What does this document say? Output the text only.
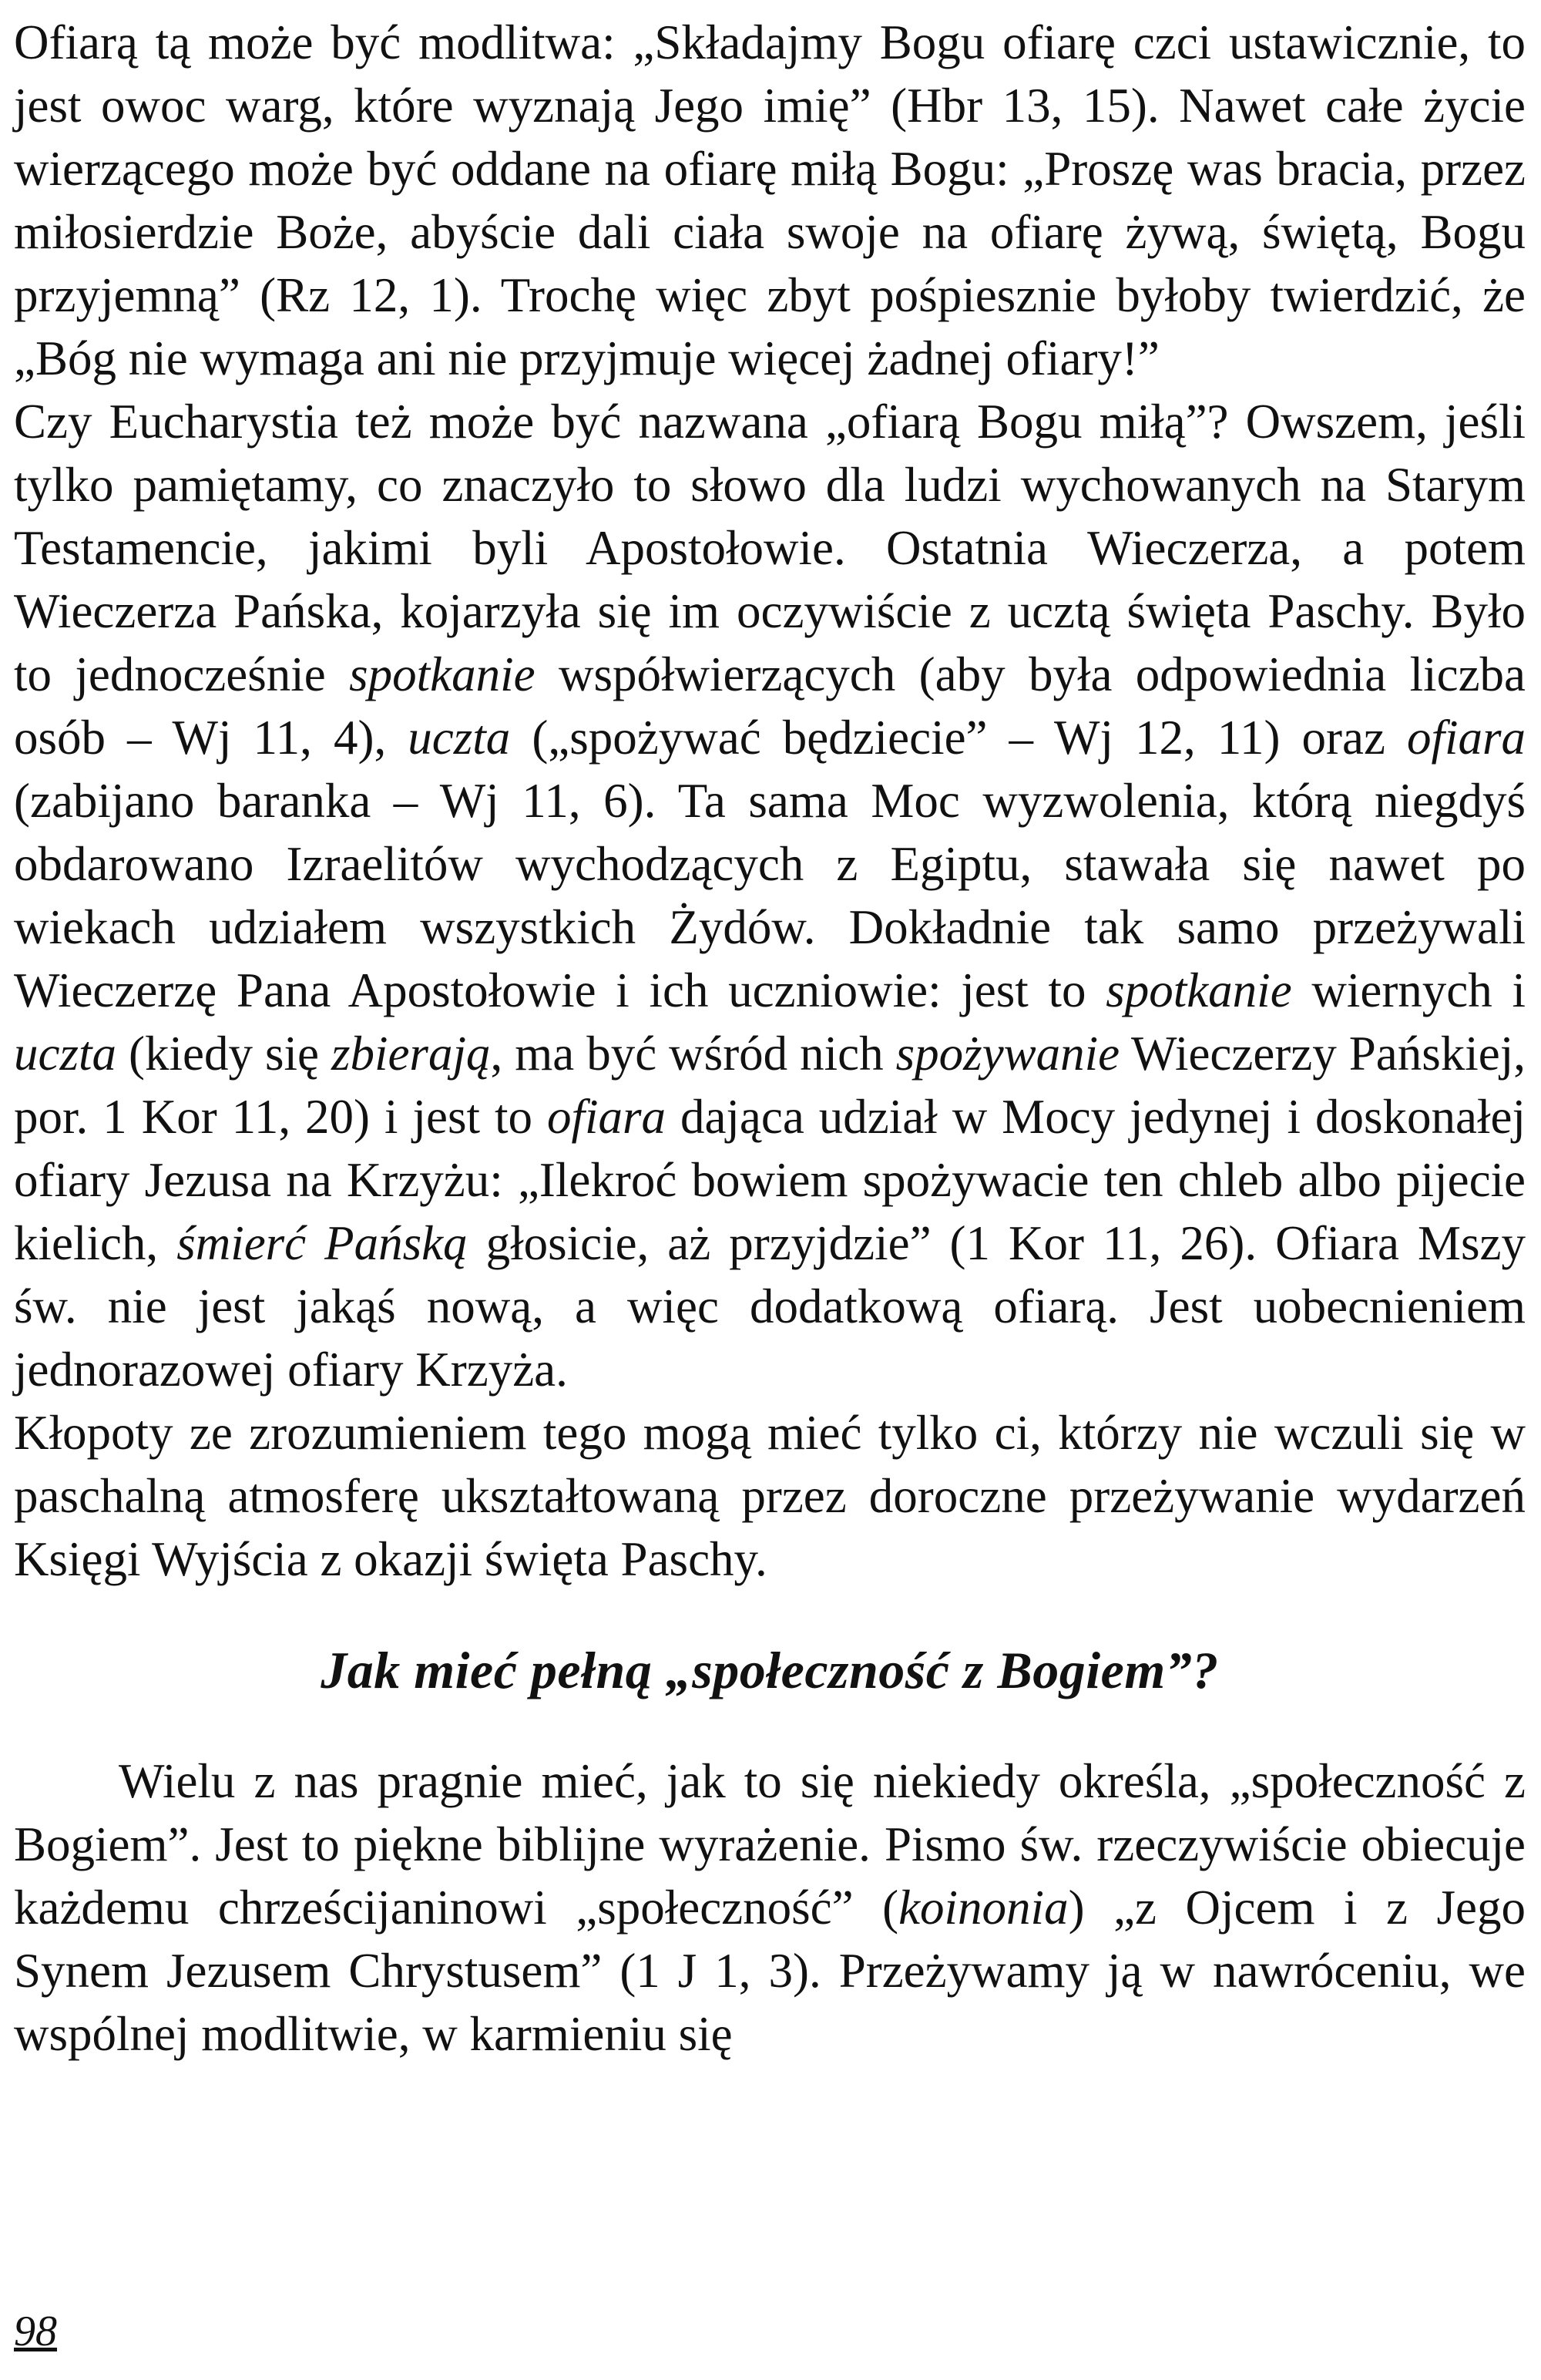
Ofiarą tą może być modlitwa: „Składajmy Bogu ofiarę czci ustawicznie, to jest owoc warg, które wyznają Jego imię” (Hbr 13, 15). Nawet całe życie wierzącego może być oddane na ofiarę miłą Bogu: „Proszę was bracia, przez miłosierdzie Boże, abyście dali ciała swoje na ofiarę żywą, świętą, Bogu przyjemną” (Rz 12, 1). Trochę więc zbyt pośpiesznie byłoby twierdzić, że „Bóg nie wymaga ani nie przyjmuje więcej żadnej ofiary!”

Czy Eucharystia też może być nazwana „ofiarą Bogu miłą”? Owszem, jeśli tylko pamiętamy, co znaczyło to słowo dla ludzi wychowanych na Starym Testamencie, jakimi byli Apostołowie. Ostatnia Wieczerza, a potem Wieczerza Pańska, kojarzyła się im oczywiście z ucztą święta Paschy. Było to jednocześnie spotkanie współwierzących (aby była odpowiednia liczba osób – Wj 11, 4), uczta („spożywać będziecie” – Wj 12, 11) oraz ofiara (zabijano baranka – Wj 11, 6). Ta sama Moc wyzwolenia, którą niegdyś obdarowano Izraelitów wychodzących z Egiptu, stawała się nawet po wiekach udziałem wszystkich Żydów. Dokładnie tak samo przeżywali Wieczerzę Pana Apostołowie i ich uczniowie: jest to spotkanie wiernych i uczta (kiedy się zbierają, ma być wśród nich spożywanie Wieczerzy Pańskiej, por. 1 Kor 11, 20) i jest to ofiara dająca udział w Mocy jedynej i doskonałej ofiary Jezusa na Krzyżu: „Ilekroć bowiem spożywacie ten chleb albo pijecie kielich, śmierć Pańską głosicie, aż przyjdzie” (1 Kor 11, 26). Ofiara Mszy św. nie jest jakąś nową, a więc dodatkową ofiarą. Jest uobecnieniem jednorazowej ofiary Krzyża.

Kłopoty ze zrozumieniem tego mogą mieć tylko ci, którzy nie wczuli się w paschalną atmosferę ukształtowaną przez doroczne przeżywanie wydarzeń Księgi Wyjścia z okazji święta Paschy.

Jak mieć pełną „społeczność z Bogiem”?

Wielu z nas pragnie mieć, jak to się niekiedy określa, „społeczność z Bogiem”. Jest to piękne biblijne wyrażenie. Pismo św. rzeczywiście obiecuje każdemu chrześcijaninowi „społeczność” (koinonia) „z Ojcem i z Jego Synem Jezusem Chrystusem” (1 J 1, 3). Przeżywamy ją w nawróceniu, we wspólnej modlitwie, w karmieniu się

98
